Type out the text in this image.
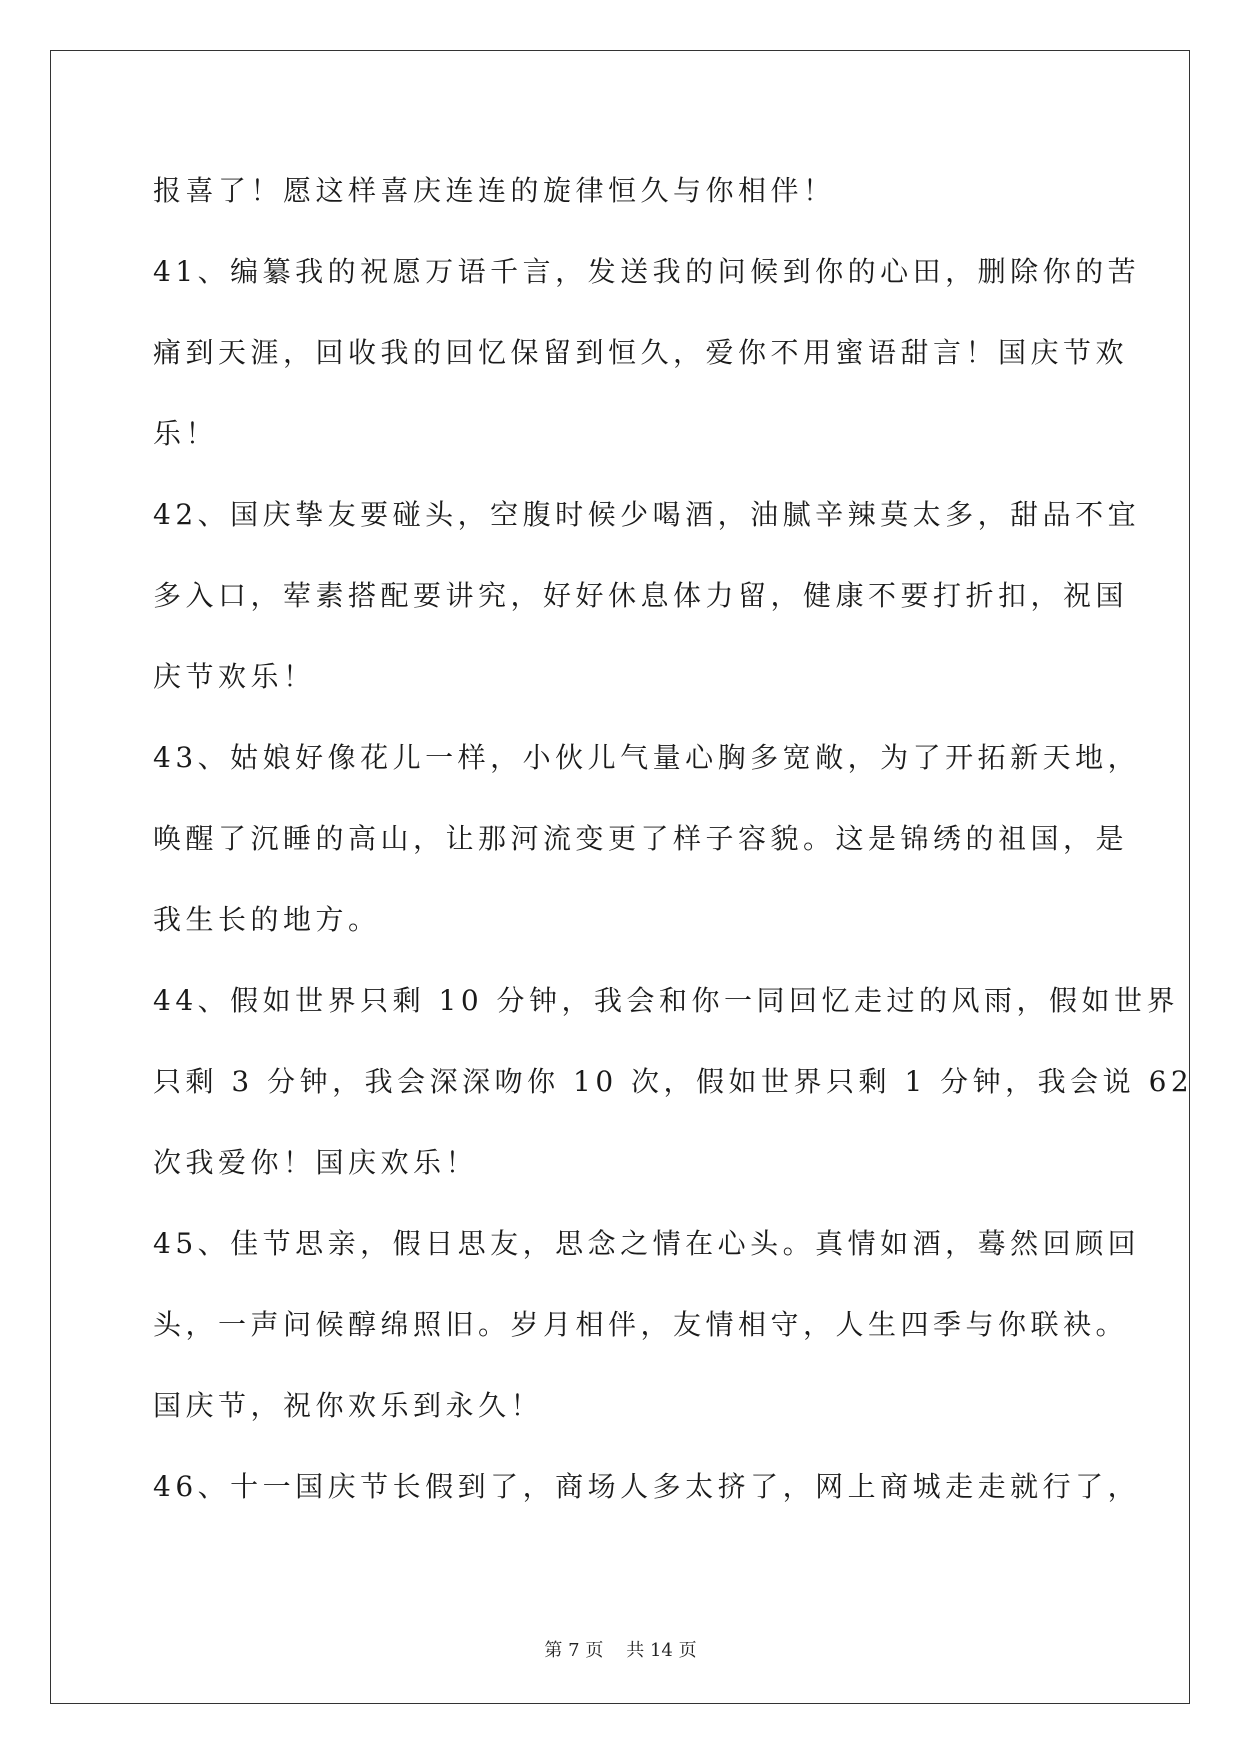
报喜了！愿这样喜庆连连的旋律恒久与你相伴！
41、编纂我的祝愿万语千言，发送我的问候到你的心田，删除你的苦
痛到天涯，回收我的回忆保留到恒久，爱你不用蜜语甜言！国庆节欢
乐！
42、国庆挚友要碰头，空腹时候少喝酒，油腻辛辣莫太多，甜品不宜
多入口，荤素搭配要讲究，好好休息体力留，健康不要打折扣，祝国
庆节欢乐！
43、姑娘好像花儿一样，小伙儿气量心胸多宽敞，为了开拓新天地，
唤醒了沉睡的高山，让那河流变更了样子容貌。这是锦绣的祖国，是
我生长的地方。
44、假如世界只剩 10 分钟，我会和你一同回忆走过的风雨，假如世界
只剩 3 分钟，我会深深吻你 10 次，假如世界只剩 1 分钟，我会说 62
次我爱你！国庆欢乐！
45、佳节思亲，假日思友，思念之情在心头。真情如酒，蓦然回顾回
头，一声问候醇绵照旧。岁月相伴，友情相守，人生四季与你联袂。
国庆节，祝你欢乐到永久！
46、十一国庆节长假到了，商场人多太挤了，网上商城走走就行了，
第 7 页 共 14 页
